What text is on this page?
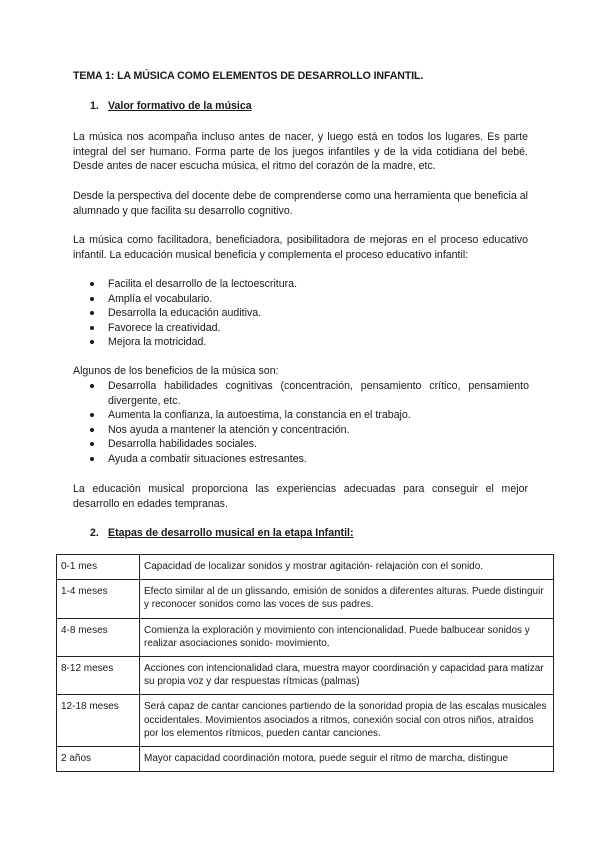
TEMA 1: LA MÚSICA COMO ELEMENTOS DE DESARROLLO INFANTIL.
1. Valor formativo de la música

La música nos acompaña incluso antes de nacer, y luego está en todos los lugares. Es parte integral del ser humano. Forma parte de los juegos infantiles y de la vida cotidiana del bebé. Desde antes de nacer escucha música, el ritmo del corazón de la madre, etc.

Desde la perspectiva del docente debe de comprenderse como una herramienta que beneficia al alumnado y que facilita su desarrollo cognitivo.

La música como facilitadora, beneficiadora, posibilitadora de mejoras en el proceso educativo infantil. La educación musical beneficia y complementa el proceso educativo infantil:

Facilita el desarrollo de la lectoescritura.
Amplía el vocabulario.
Desarrolla la educación auditiva.
Favorece la creatividad.
Mejora la motricidad.

Algunos de los beneficios de la música son:

Desarrolla habilidades cognitivas (concentración, pensamiento crítico, pensamiento divergente, etc.
Aumenta la confianza, la autoestima, la constancia en el trabajo.
Nos ayuda a mantener la atención y concentración.
Desarrolla habilidades sociales.
Ayuda a combatir situaciones estresantes.

La educación musical proporciona las experiencias adecuadas para conseguir el mejor desarrollo en edades tempranas.

2. Etapas de desarrollo musical en la etapa Infantil:
0-1 mes	Capacidad de localizar sonidos y mostrar agitación- relajación con el sonido.
1-4 meses	Efecto similar al de un glissando, emisión de sonidos a diferentes alturas. Puede distinguir y reconocer sonidos como las voces de sus padres.
4-8 meses	Comienza la exploración y movimiento con intencionalidad. Puede balbucear sonidos y realizar asociaciones sonido- movimiento.
8-12 meses	Acciones con intencionalidad clara, muestra mayor coordinación y capacidad para matizar su propia voz y dar respuestas rítmicas (palmas)
12-18 meses	Será capaz de cantar canciones partiendo de la sonoridad propia de las escalas musicales occidentales. Movimientos asociados a ritmos, conexión social con otros niños, atraídos por los elementos rítmicos, pueden cantar canciones.
2 años	Mayor capacidad coordinación motora, puede seguir el ritmo de marcha, distingue
